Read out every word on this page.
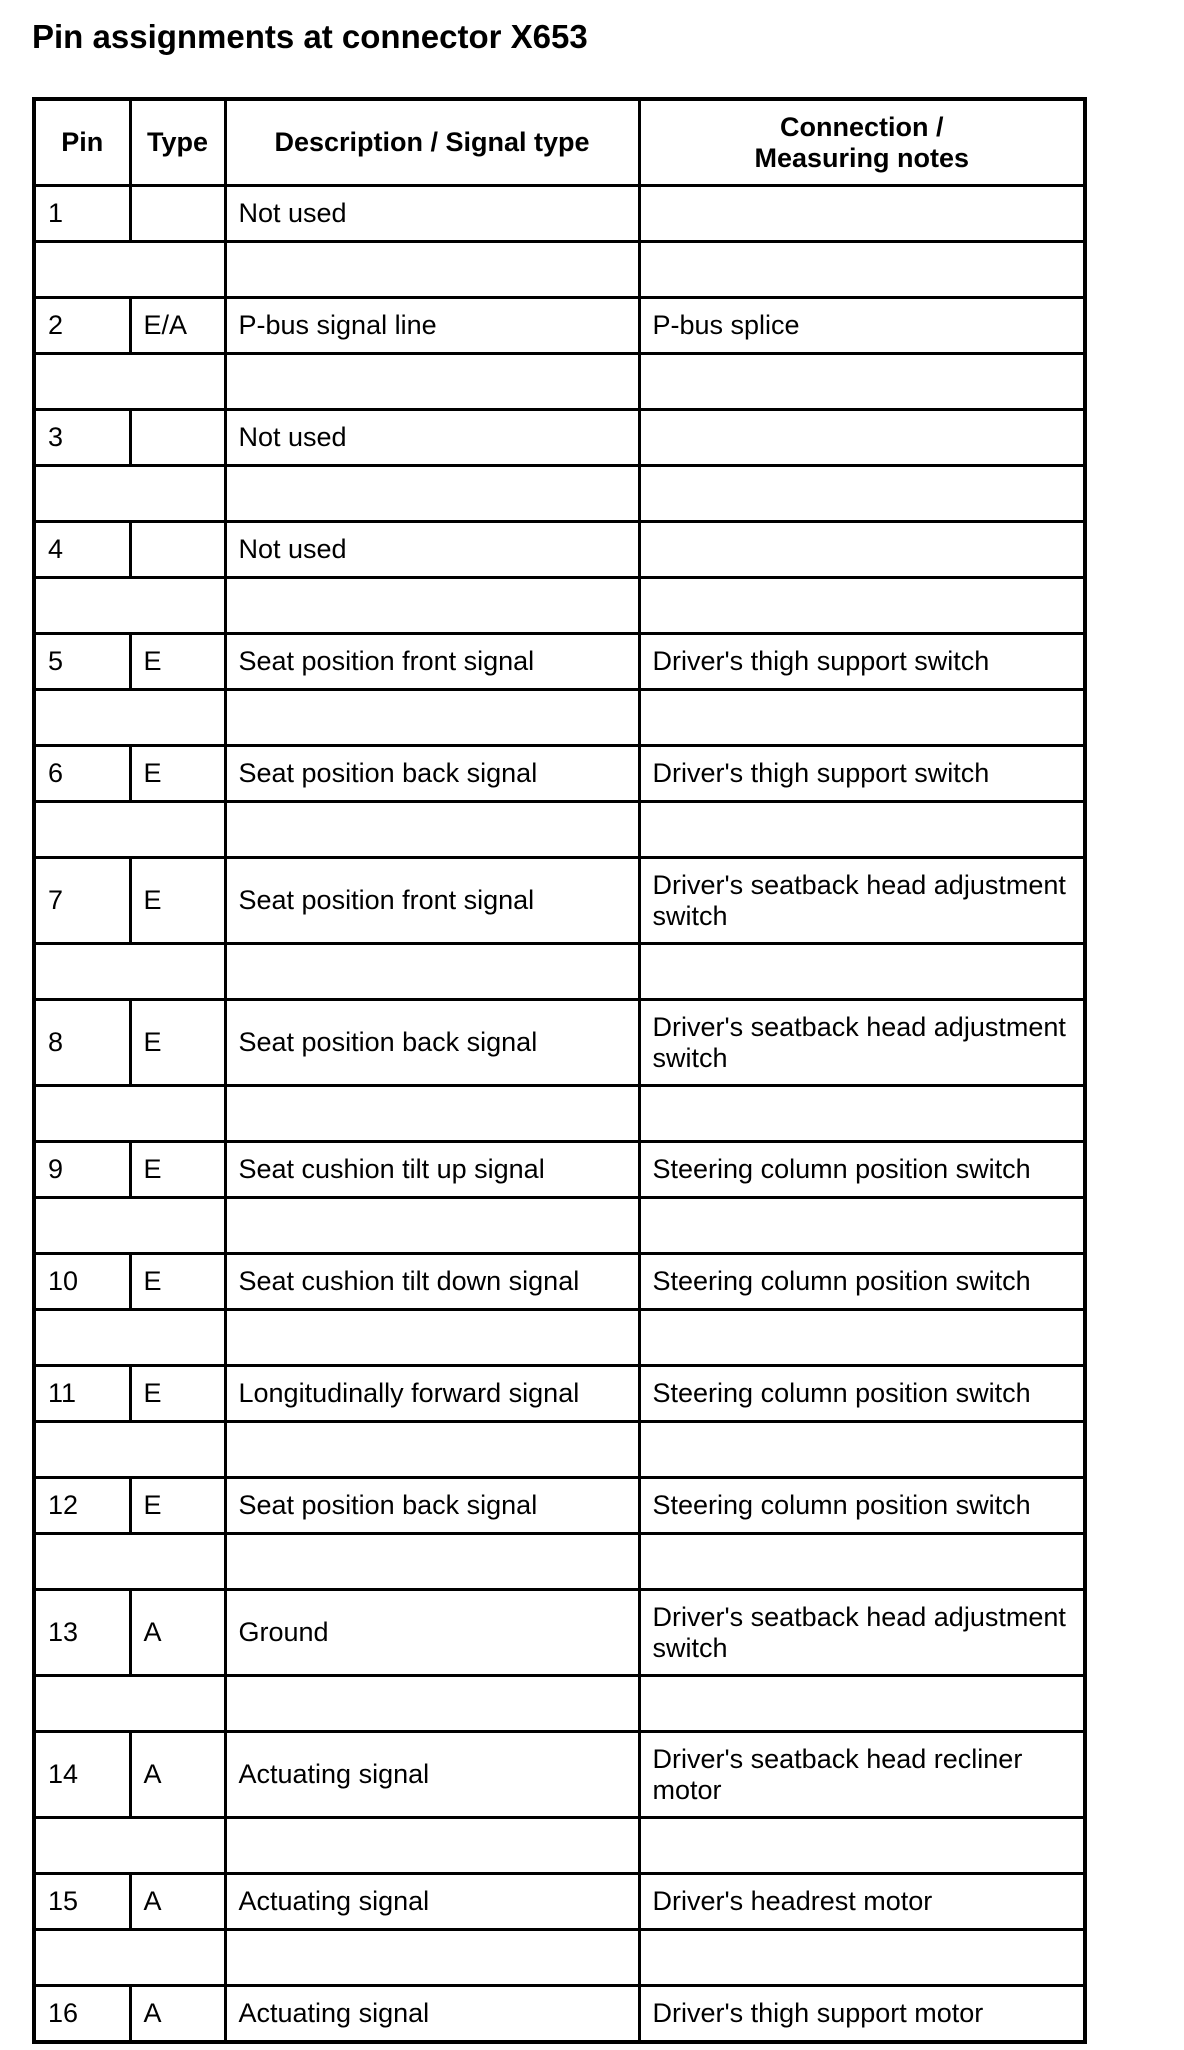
Pin assignments at connector X653
Pin	Type	Description / Signal type	Connection /
Measuring notes
1		Not used	

2	E/A	P-bus signal line	P-bus splice

3		Not used	

4		Not used	

5	E	Seat position front signal	Driver's thigh support switch

6	E	Seat position back signal	Driver's thigh support switch

7	E	Seat position front signal	Driver's seatback head adjustment switch

8	E	Seat position back signal	Driver's seatback head adjustment switch

9	E	Seat cushion tilt up signal	Steering column position switch

10	E	Seat cushion tilt down signal	Steering column position switch

11	E	Longitudinally forward signal	Steering column position switch

12	E	Seat position back signal	Steering column position switch

13	A	Ground	Driver's seatback head adjustment switch

14	A	Actuating signal	Driver's seatback head recliner motor

15	A	Actuating signal	Driver's headrest motor

16	A	Actuating signal	Driver's thigh support motor
